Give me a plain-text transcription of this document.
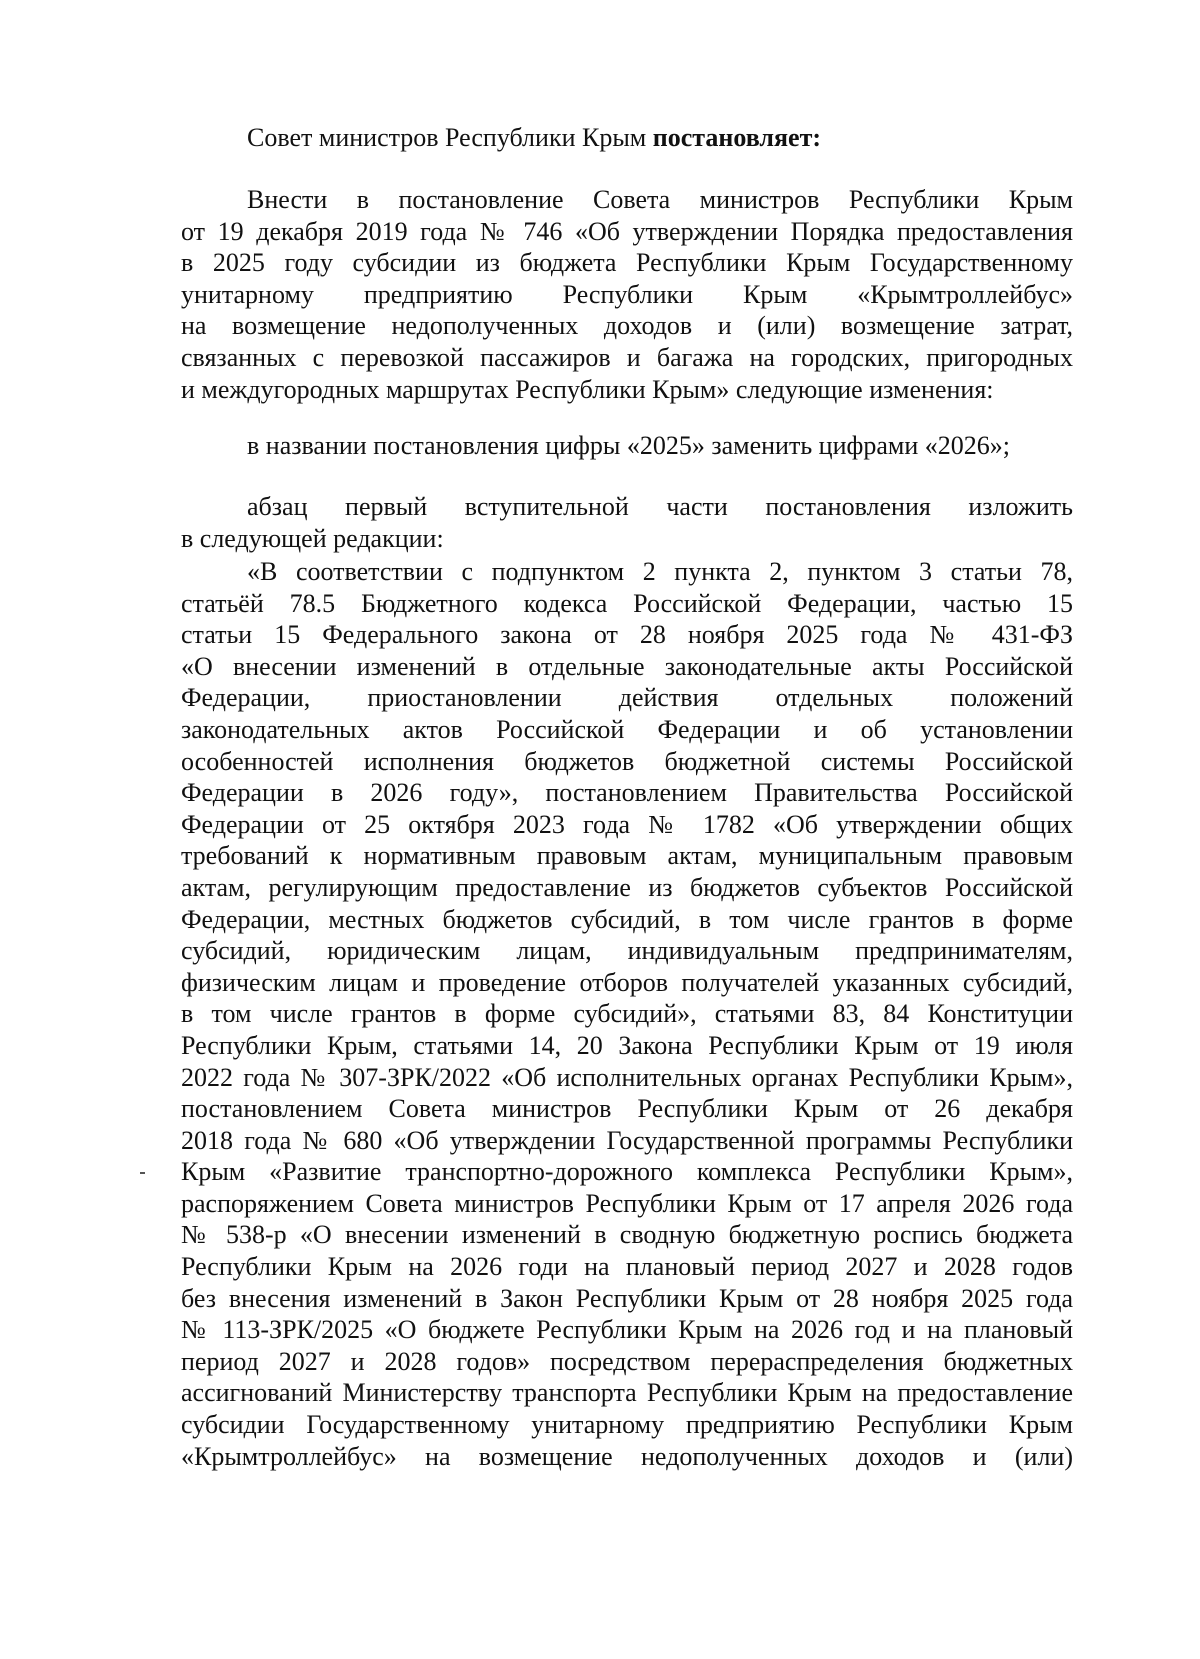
Совет министров Республики Крым постановляет:
Внести в постановление Совета министров Республики Крым
от 19 декабря 2019 года № 746 «Об утверждении Порядка предоставления
в 2025 году субсидии из бюджета Республики Крым Государственному
унитарному предприятию Республики Крым «Крымтроллейбус»
на возмещение недополученных доходов и (или) возмещение затрат,
связанных с перевозкой пассажиров и багажа на городских, пригородных
и междугородных маршрутах Республики Крым» следующие изменения:
в названии постановления цифры «2025» заменить цифрами «2026»;
абзац первый вступительной части постановления изложить
в следующей редакции:
«В соответствии с подпунктом 2 пункта 2, пунктом 3 статьи 78,
статьёй 78.5 Бюджетного кодекса Российской Федерации, частью 15
статьи 15 Федерального закона от 28 ноября 2025 года № 431-ФЗ
«О внесении изменений в отдельные законодательные акты Российской
Федерации, приостановлении действия отдельных положений
законодательных актов Российской Федерации и об установлении
особенностей исполнения бюджетов бюджетной системы Российской
Федерации в 2026 году», постановлением Правительства Российской
Федерации от 25 октября 2023 года № 1782 «Об утверждении общих
требований к нормативным правовым актам, муниципальным правовым
актам, регулирующим предоставление из бюджетов субъектов Российской
Федерации, местных бюджетов субсидий, в том числе грантов в форме
субсидий, юридическим лицам, индивидуальным предпринимателям,
физическим лицам и проведение отборов получателей указанных субсидий,
в том числе грантов в форме субсидий», статьями 83, 84 Конституции
Республики Крым, статьями 14, 20 Закона Республики Крым от 19 июля
2022 года № 307-ЗРК/2022 «Об исполнительных органах Республики Крым»,
постановлением Совета министров Республики Крым от 26 декабря
2018 года № 680 «Об утверждении Государственной программы Республики
Крым «Развитие транспортно-дорожного комплекса Республики Крым»,
распоряжением Совета министров Республики Крым от 17 апреля 2026 года
№ 538-р «О внесении изменений в сводную бюджетную роспись бюджета
Республики Крым на 2026 годи на плановый период 2027 и 2028 годов
без внесения изменений в Закон Республики Крым от 28 ноября 2025 года
№ 113-ЗРК/2025 «О бюджете Республики Крым на 2026 год и на плановый
период 2027 и 2028 годов» посредством перераспределения бюджетных
ассигнований Министерству транспорта Республики Крым на предоставление
субсидии Государственному унитарному предприятию Республики Крым
«Крымтроллейбус» на возмещение недополученных доходов и (или)
